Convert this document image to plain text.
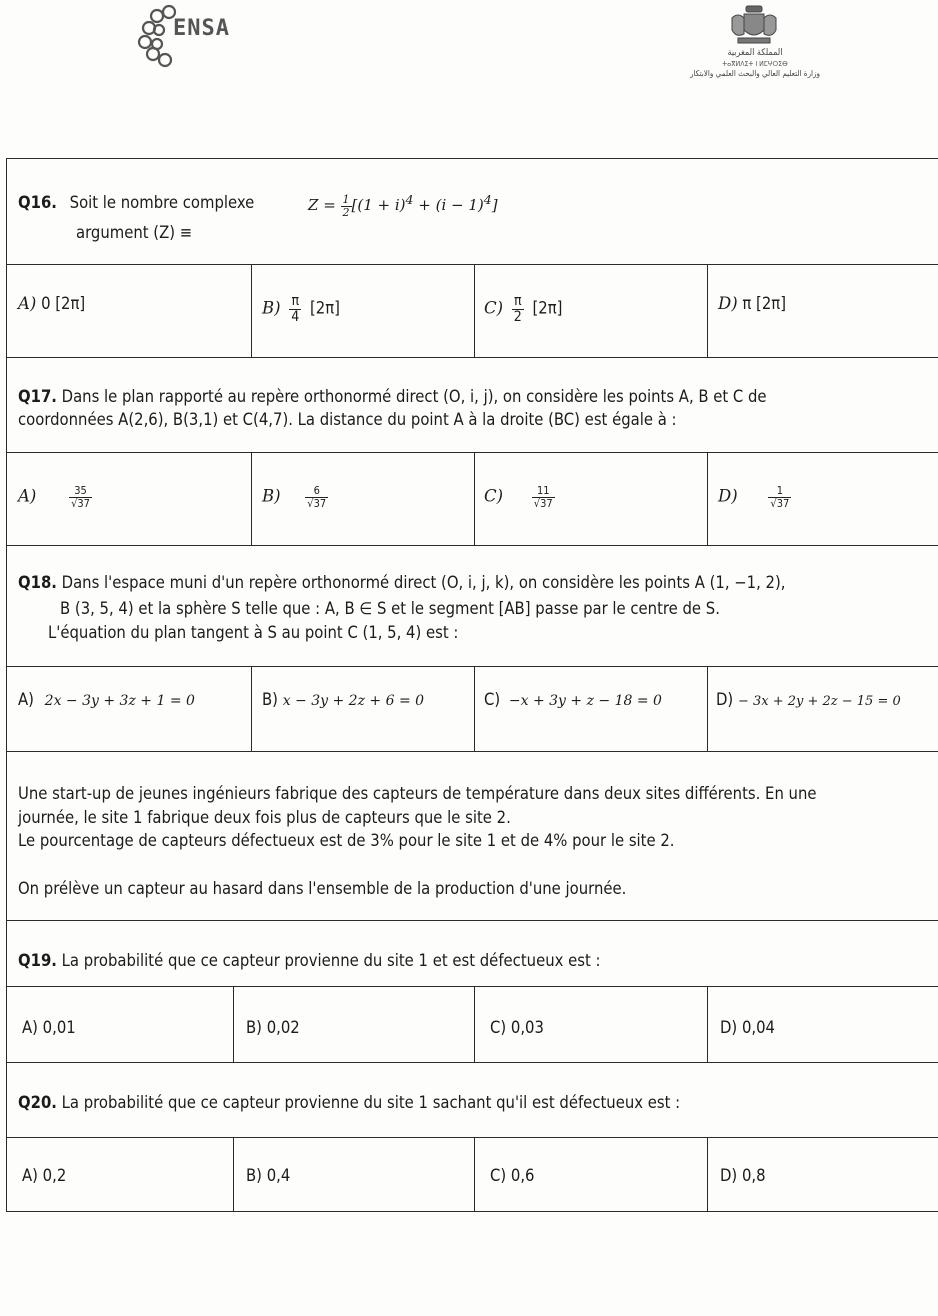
ENSA
المملكة المغربية
ⵜⴰⴳⵍⴷⵉⵜ ⵏ ⵍⵎⵖⵔⵉⴱ
وزارة التعليم العالي والبحث العلمي والابتكار
Q16. Soit le nombre complexe	$Z = \frac{1}{2} [(1 + i)^4 + (i - 1)^4]$
argument (Z) ≡
A) 0 [2π]	$B) \frac{\pi}{4} [2\pi]$	$C) \frac{\pi}{2} [2\pi]$	D) π [2π]
Q17. Dans le plan rapporté au repère orthonormé direct (O, i, j), on considère les points A, B et C de
coordonnées A(2,6), B(3,1) et C(4,7). La distance du point A à la droite (BC) est égale à :
A)	$\frac{35}{√37}$	$B) \frac{6}{√37}$	C)	$\frac{11}{√37}$	D)	$\frac{1}{√37}$
Q18. Dans l'espace muni d'un repère orthonormé direct (O, i, j, k), on considère les points A (1, −1, 2),
B (3, 5, 4) et la sphère S telle que : A, B ∈ S et le segment [AB] passe par le centre de S.
L'équation du plan tangent à S au point C (1, 5, 4) est :
A) 2x − 3y + 3z + 1 = 0	B) x − 3y + 2z + 6 = 0	C) −x + 3y + z − 18 = 0	D) − 3x + 2y + 2z − 15 = 0
Une start-up de jeunes ingénieurs fabrique des capteurs de température dans deux sites différents. En une
journée, le site 1 fabrique deux fois plus de capteurs que le site 2.
Le pourcentage de capteurs défectueux est de 3% pour le site 1 et de 4% pour le site 2.
On prélève un capteur au hasard dans l'ensemble de la production d'une journée.
Q19. La probabilité que ce capteur provienne du site 1 et est défectueux est :
A) 0,01	B) 0,02	C) 0,03	D) 0,04
Q20. La probabilité que ce capteur provienne du site 1 sachant qu'il est défectueux est :
A) 0,2	B) 0,4	C) 0,6	D) 0,8
